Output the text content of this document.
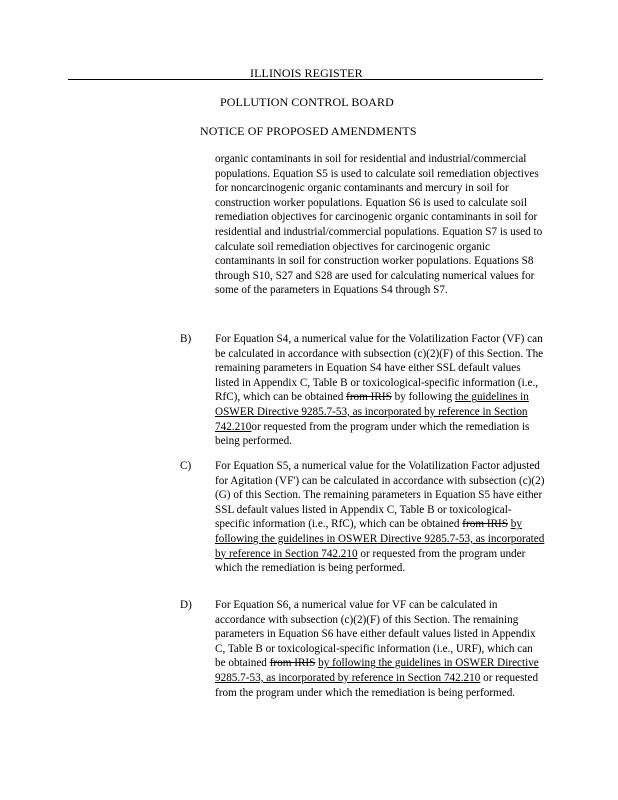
ILLINOIS REGISTER
POLLUTION CONTROL BOARD
NOTICE OF PROPOSED AMENDMENTS

organic contaminants in soil for residential and industrial/commercial populations. Equation S5 is used to calculate soil remediation objectives for noncarcinogenic organic contaminants and mercury in soil for construction worker populations. Equation S6 is used to calculate soil remediation objectives for carcinogenic organic contaminants in soil for residential and industrial/commercial populations. Equation S7 is used to calculate soil remediation objectives for carcinogenic organic contaminants in soil for construction worker populations. Equations S8 through S10, S27 and S28 are used for calculating numerical values for some of the parameters in Equations S4 through S7.

B) For Equation S4, a numerical value for the Volatilization Factor (VF) can be calculated in accordance with subsection (c)(2)(F) of this Section. The remaining parameters in Equation S4 have either SSL default values listed in Appendix C, Table B or toxicological-specific information (i.e., RfC), which can be obtained from IRIS by following the guidelines in OSWER Directive 9285.7-53, as incorporated by reference in Section 742.210or requested from the program under which the remediation is being performed.

C) For Equation S5, a numerical value for the Volatilization Factor adjusted for Agitation (VF') can be calculated in accordance with subsection (c)(2)(G) of this Section. The remaining parameters in Equation S5 have either SSL default values listed in Appendix C, Table B or toxicological-specific information (i.e., RfC), which can be obtained from IRIS by following the guidelines in OSWER Directive 9285.7-53, as incorporated by reference in Section 742.210 or requested from the program under which the remediation is being performed.

D) For Equation S6, a numerical value for VF can be calculated in accordance with subsection (c)(2)(F) of this Section. The remaining parameters in Equation S6 have either default values listed in Appendix C, Table B or toxicological-specific information (i.e., URF), which can be obtained from IRIS by following the guidelines in OSWER Directive 9285.7-53, as incorporated by reference in Section 742.210 or requested from the program under which the remediation is being performed.
